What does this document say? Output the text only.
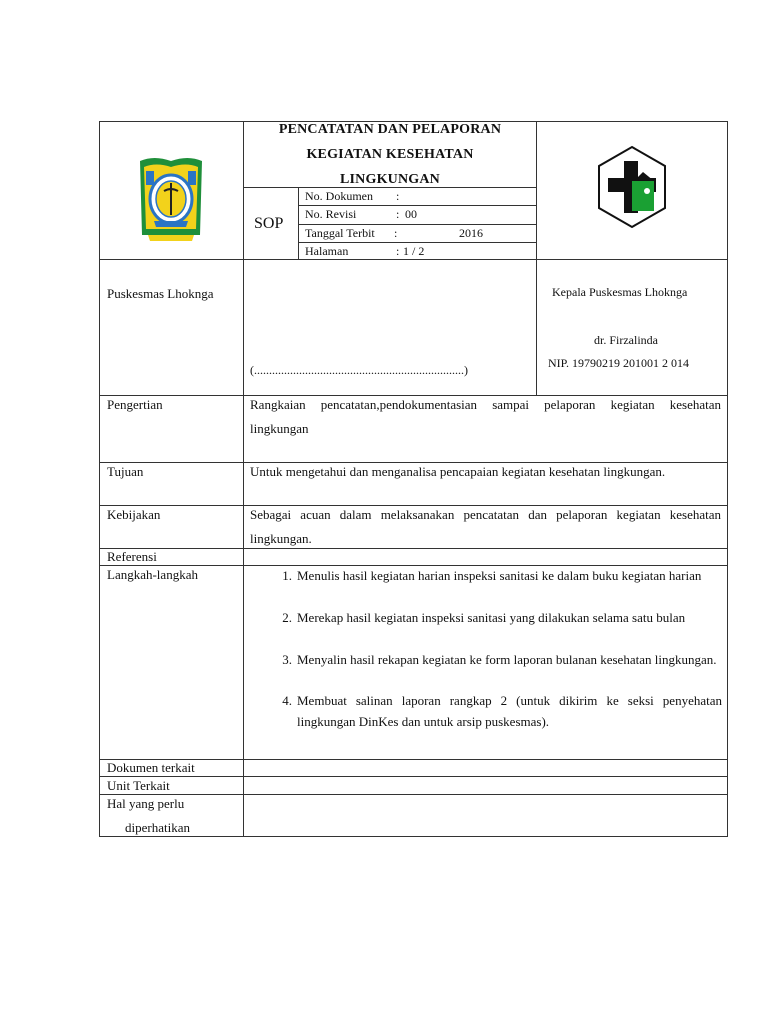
PENCATATAN DAN PELAPORAN
KEGIATAN KESEHATAN
LINGKUNGAN
SOP
No. Dokumen :
No. Revisi	: 00
Tanggal Terbit :	2016
Halaman	: 1 / 2
Puskesmas Lhoknga
(......................................................................)
Kepala Puskesmas Lhoknga
dr. Firzalinda
NIP. 19790219 201001 2 014
Pengertian	Rangkaian pencatatan,pendokumentasian sampai pelaporan kegiatan kesehatan lingkungan
Tujuan	Untuk mengetahui dan menganalisa pencapaian kegiatan kesehatan lingkungan.
Kebijakan	Sebagai acuan dalam melaksanakan pencatatan dan pelaporan kegiatan kesehatan lingkungan.
Referensi
Langkah-langkah	1. Menulis hasil kegiatan harian inspeksi sanitasi ke dalam buku kegiatan harian
2. Merekap hasil kegiatan inspeksi sanitasi yang dilakukan selama satu bulan
3. Menyalin hasil rekapan kegiatan ke form laporan bulanan kesehatan lingkungan.
4. Membuat salinan laporan rangkap 2 (untuk dikirim ke seksi penyehatan lingkungan DinKes dan untuk arsip puskesmas).
Dokumen terkait
Unit Terkait
Hal yang perlu
diperhatikan
